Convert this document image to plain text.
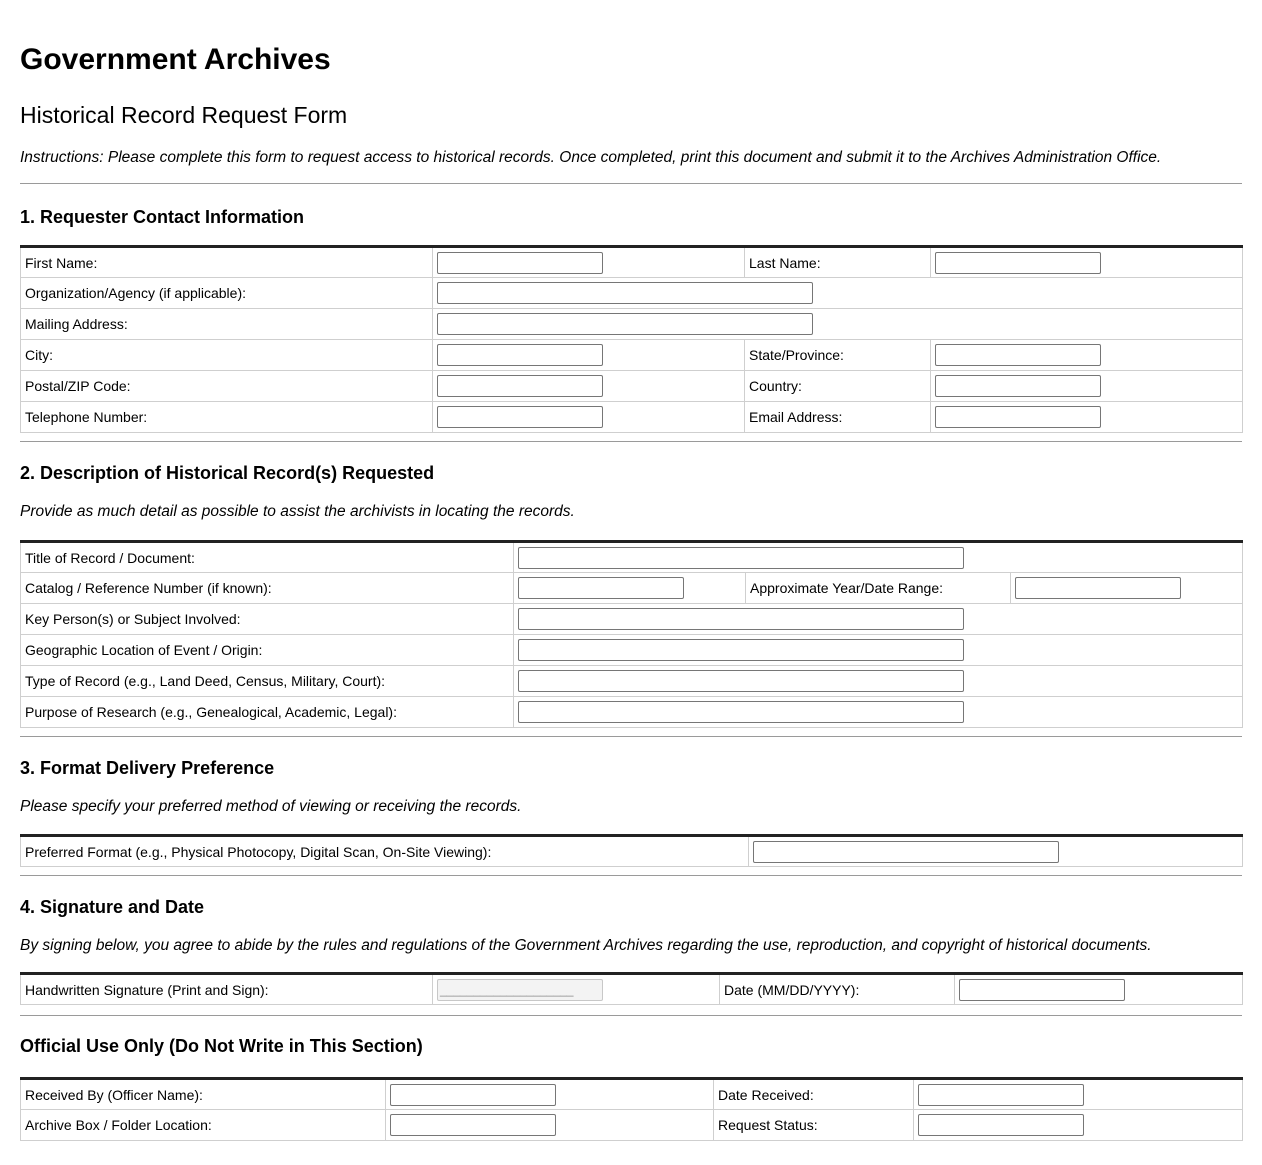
Government Archives
Historical Record Request Form

Instructions: Please complete this form to request access to historical records. Once completed, print this document and submit it to the Archives Administration Office.

1. Requester Contact Information
First Name:		Last Name:	
Organization/Agency (if applicable):			
Mailing Address:			
City:		State/Province:	
Postal/ZIP Code:		Country:	
Telephone Number:		Email Address:	
2. Description of Historical Record(s) Requested

Provide as much detail as possible to assist the archivists in locating the records.

Title of Record / Document:			
Catalog / Reference Number (if known):		Approximate Year/Date Range:	
Key Person(s) or Subject Involved:			
Geographic Location of Event / Origin:			
Type of Record (e.g., Land Deed, Census, Military, Court):			
Purpose of Research (e.g., Genealogical, Academic, Legal):			
3. Format Delivery Preference

Please specify your preferred method of viewing or receiving the records.

Preferred Format (e.g., Physical Photocopy, Digital Scan, On-Site Viewing):	
4. Signature and Date

By signing below, you agree to abide by the rules and regulations of the Government Archives regarding the use, reproduction, and copyright of historical documents.

Handwritten Signature (Print and Sign):	____________________	Date (MM/DD/YYYY):	
Official Use Only (Do Not Write in This Section)
Received By (Officer Name):		Date Received:	
Archive Box / Folder Location:		Request Status:	
